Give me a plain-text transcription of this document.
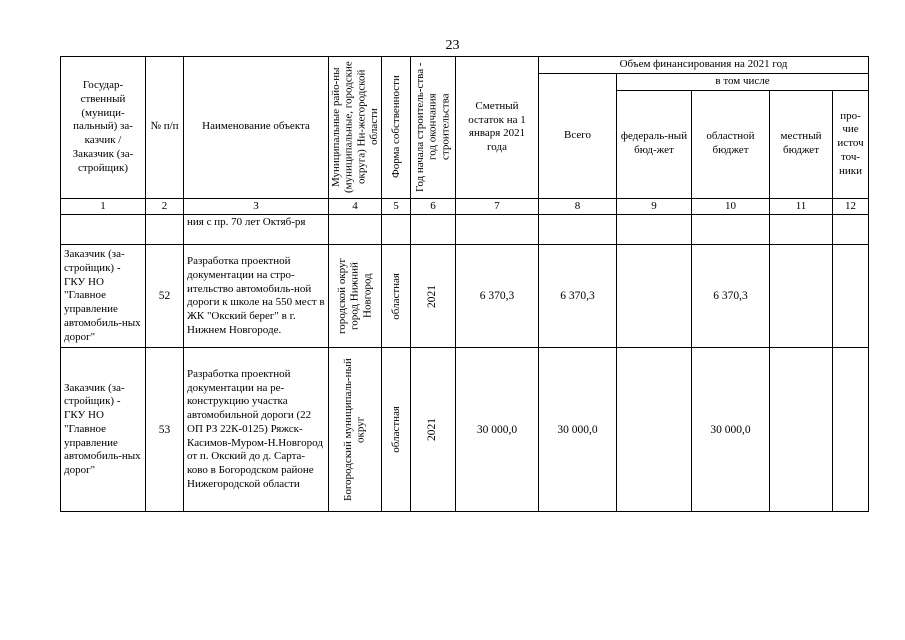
23
Государ-ственный (муници-пальный) за-казчик / Заказчик (за-стройщик)	№ п/п	Наименование объекта	Муниципальные райо-ны (муниципальные, городские округа) Ни-жегородской области	Форма собственности	Год начала строитель-ства - год окончания строительства	Сметный остаток на 1 января 2021 года	Объем финансирования на 2021 год				
							Всего	в том числе			
								федераль-ный бюд-жет	областной бюджет	местный бюджет	про-чие источ точ-ники
1	2	3	4	5	6	7	8	9	10	11	12
		ния с пр. 70 лет Октяб-ря									
Заказчик (за-стройщик) - ГКУ НО "Главное управление автомобиль-ных дорог"	52	Разработка проектной документации на стро-ительство автомобиль-ной дороги к школе на 550 мест в ЖК "Окский берег" в г. Нижнем Новгороде.	городской округ город Нижний Новгород	областная	2021	6 370,3	6 370,3		6 370,3		
Заказчик (за-стройщик) - ГКУ НО "Главное управление автомобиль-ных дорог"	53	Разработка проектной документации на ре-конструкцию участка автомобильной дороги (22 ОП РЗ 22К-0125) Ряжск-Касимов-Муром-Н.Новгород от п. Окский до д. Сарта-ково в Богородском районе Нижегородской области	Богородский муниципаль-ный округ	областная	2021	30 000,0	30 000,0		30 000,0		
